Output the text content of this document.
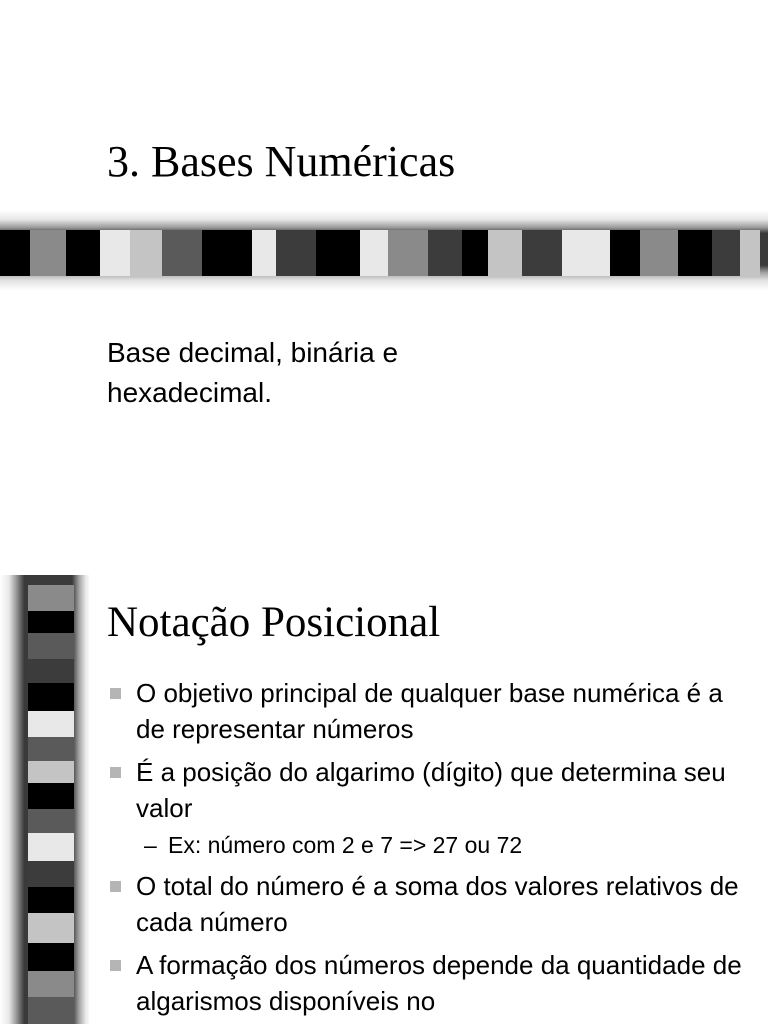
3. Bases Numéricas

Base decimal, binária e
hexadecimal.

Notação Posicional
O objetivo principal de qualquer base numérica é a de representar números
É a posição do algarimo (dígito) que determina seu valor
– Ex: número com 2 e 7 => 27 ou 72
O total do número é a soma dos valores relativos de cada número
A formação dos números depende da quantidade de algarismos disponíveis no
